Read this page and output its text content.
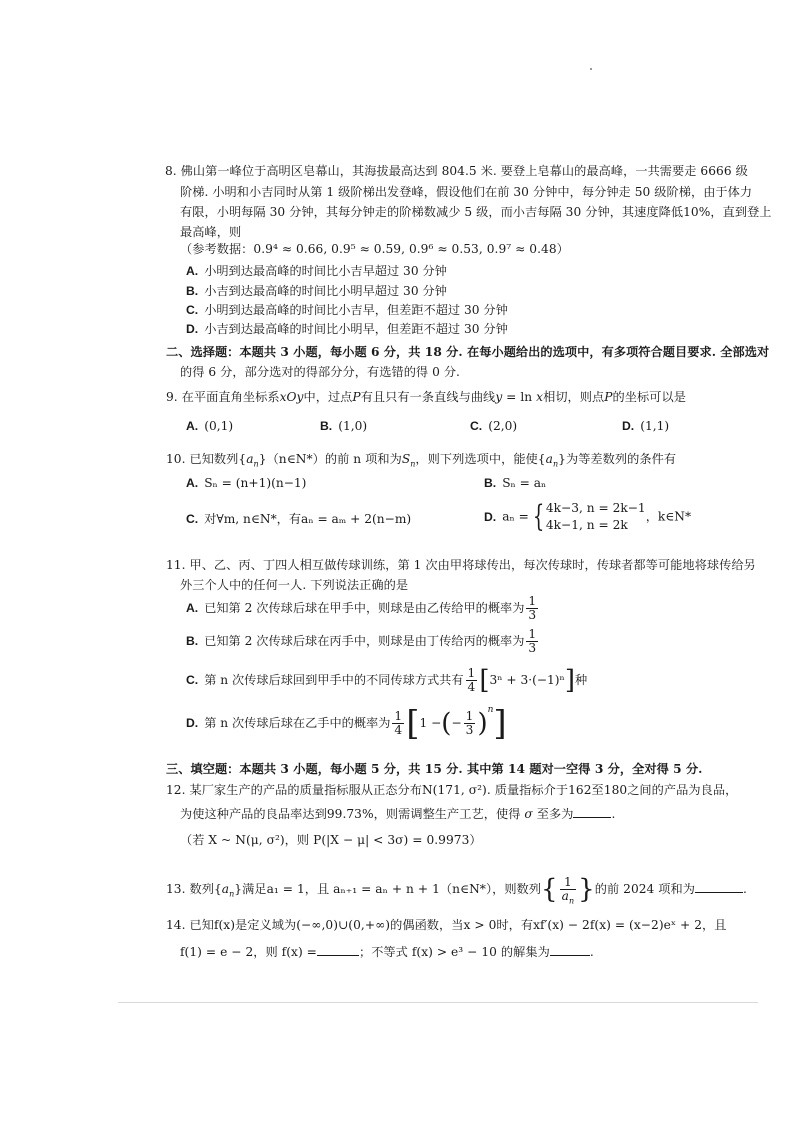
8. 佛山第一峰位于高明区皂幕山，其海拔最高达到 804.5 米. 要登上皂幕山的最高峰，一共需要走 6666 级
阶梯. 小明和小吉同时从第 1 级阶梯出发登峰，假设他们在前 30 分钟中，每分钟走 50 级阶梯，由于体力
有限，小明每隔 30 分钟，其每分钟走的阶梯数减少 5 级，而小吉每隔 30 分钟，其速度降低10%，直到登上
最高峰，则
（参考数据：0.9⁴ ≈ 0.66, 0.9⁵ ≈ 0.59, 0.9⁶ ≈ 0.53, 0.9⁷ ≈ 0.48）
A. 小明到达最高峰的时间比小吉早超过 30 分钟
B. 小吉到达最高峰的时间比小明早超过 30 分钟
C. 小明到达最高峰的时间比小吉早，但差距不超过 30 分钟
D. 小吉到达最高峰的时间比小明早，但差距不超过 30 分钟
二、选择题：本题共 3 小题，每小题 6 分，共 18 分. 在每小题给出的选项中，有多项符合题目要求. 全部选对
的得 6 分，部分选对的得部分分，有选错的得 0 分.
9. 在平面直角坐标系xOy中，过点P有且只有一条直线与曲线y = ln x相切，则点P的坐标可以是
A. (0,1)	B. (1,0)	C. (2,0)	D. (1,1)
10. 已知数列$\{a_n\}(n\in N*)$的前 n 项和为$S_n$，则下列选项中，能使$\{a_n\}$为等差数列的条件有
A. Sₙ = (n+1)(n−1)	B. Sₙ = aₙ
C. 对∀m, n∈N*，有aₙ = aₘ + 2(n−m)	D. aₙ = { 4k−3, n = 2k−1
4k−1, n = 2k
，k∈N*
11. 甲、乙、丙、丁四人相互做传球训练，第 1 次由甲将球传出，每次传球时，传球者都等可能地将球传给另
外三个人中的任何一人. 下列说法正确的是
A. 已知第 2 次传球后球在甲手中，则球是由乙传给甲的概率为 $\frac{1}{3}$
B. 已知第 2 次传球后球在丙手中，则球是由丁传给丙的概率为 $\frac{1}{3}$
C. 第 n 次传球后球回到甲手中的不同传球方式共有 $\frac{1}{4} [3^n + 3\cdot(-1)^n]$种
D. 第 n 次传球后球在乙手中的概率为 $\frac{1}{4} [1$ −(− $\frac{1}{3} )^n$]
三、填空题：本题共 3 小题，每小题 5 分，共 15 分. 其中第 14 题对一空得 3 分，全对得 5 分.
12. 某厂家生产的产品的质量指标服从正态分布N(171, σ²). 质量指标介于162至180之间的产品为良品，
为使这种产品的良品率达到99.73%，则需调整生产工艺，使得 σ 至多为	.
（若 X ~ N(μ, σ²)，则 P(|X − μ| < 3σ) = 0.9973）
13. 数列$\{a_n\}$满足a₁ = 1，且 aₙ₊₁ = aₙ + n + 1（n∈N*），则数列{ $\frac{1}{a_n}$ }的前 2024 项和为	.
14. 已知f(x)是定义域为(−∞,0)∪(0,+∞)的偶函数，当x > 0时，有xf′(x) − 2f(x) = (x−2)eˣ + 2，且
f(1) = e − 2，则 f(x) =	；不等式 f(x) > e³ − 10 的解集为	.
